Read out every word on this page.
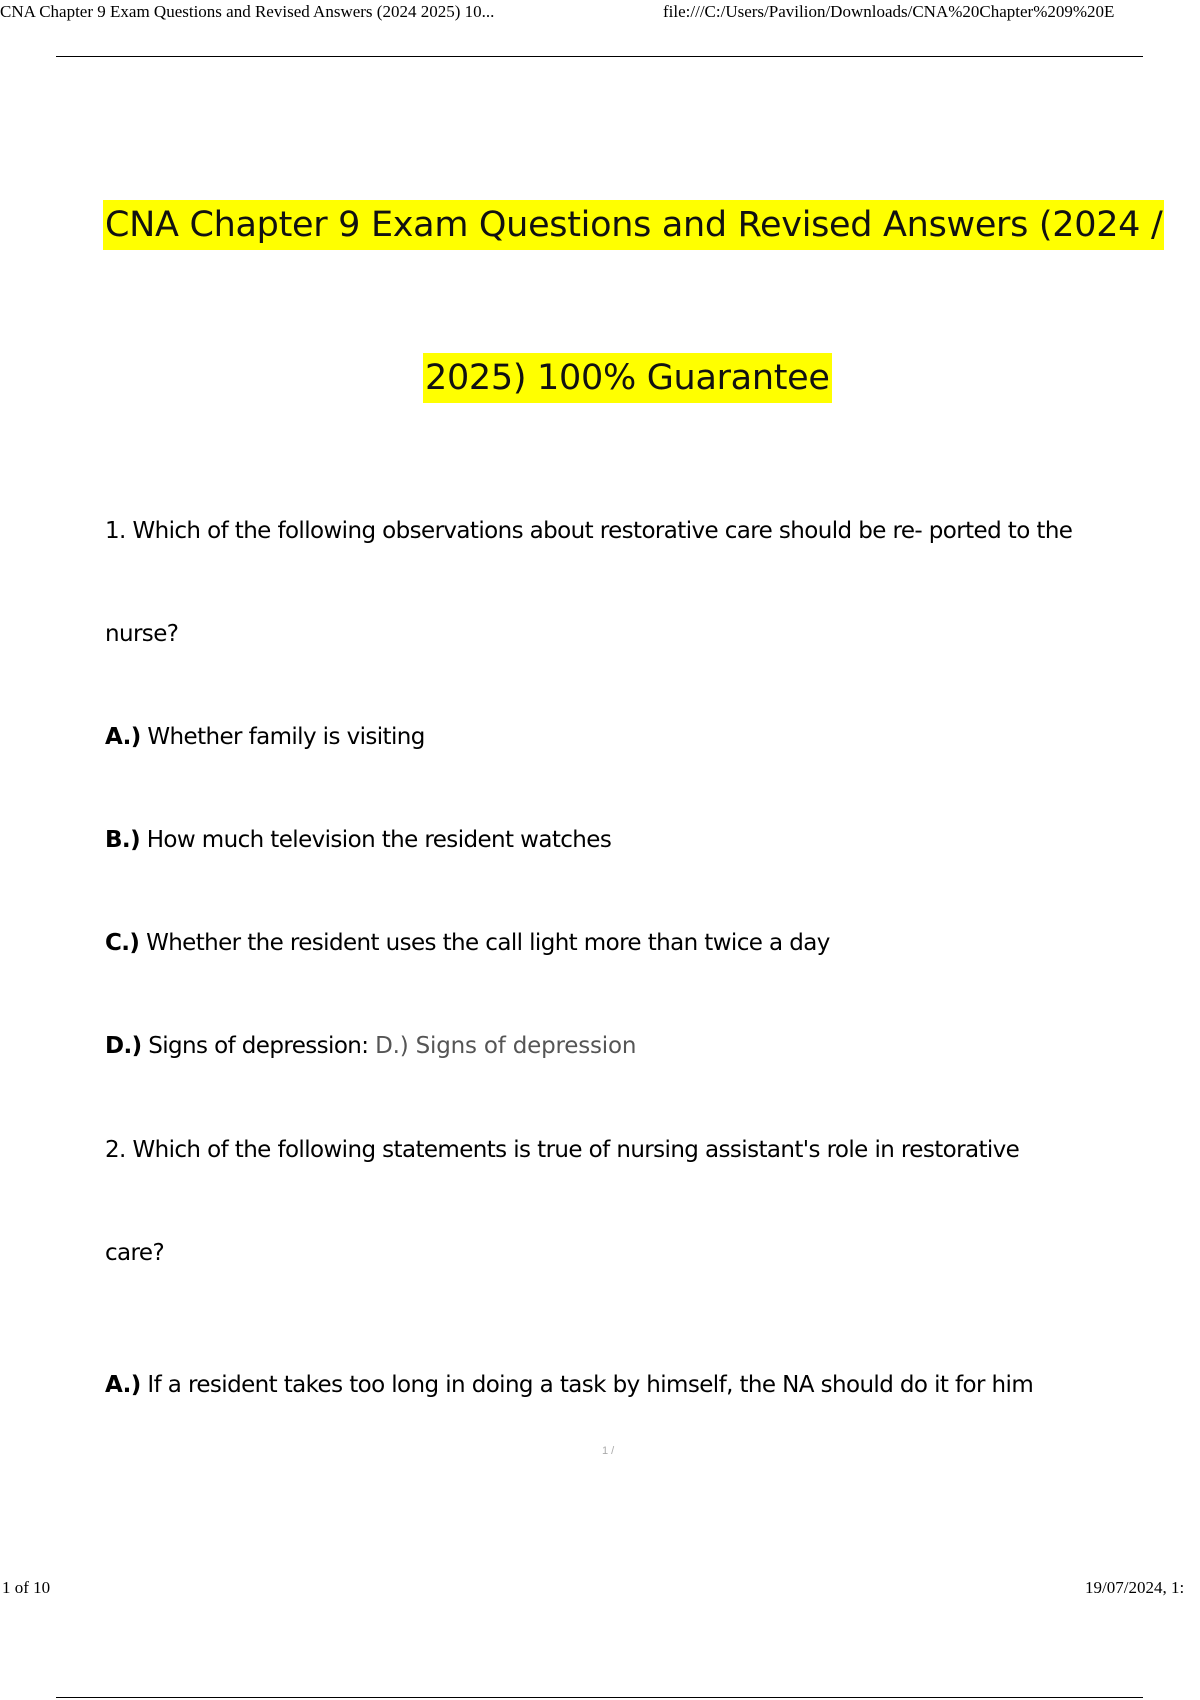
CNA Chapter 9 Exam Questions and Revised Answers (2024 2025) 10...	file:///C:/Users/Pavilion/Downloads/CNA%20Chapter%209%20E
CNA Chapter 9 Exam Questions and Revised Answers (2024 /
2025) 100% Guarantee
1. Which of the following observations about restorative care should be re- ported to the
nurse?
A.) Whether family is visiting
B.) How much television the resident watches
C.) Whether the resident uses the call light more than twice a day
D.) Signs of depression: D.) Signs of depression
2. Which of the following statements is true of nursing assistant's role in restorative
care?
A.) If a resident takes too long in doing a task by himself, the NA should do it for him
1 /
1 of 10	19/07/2024, 1:
